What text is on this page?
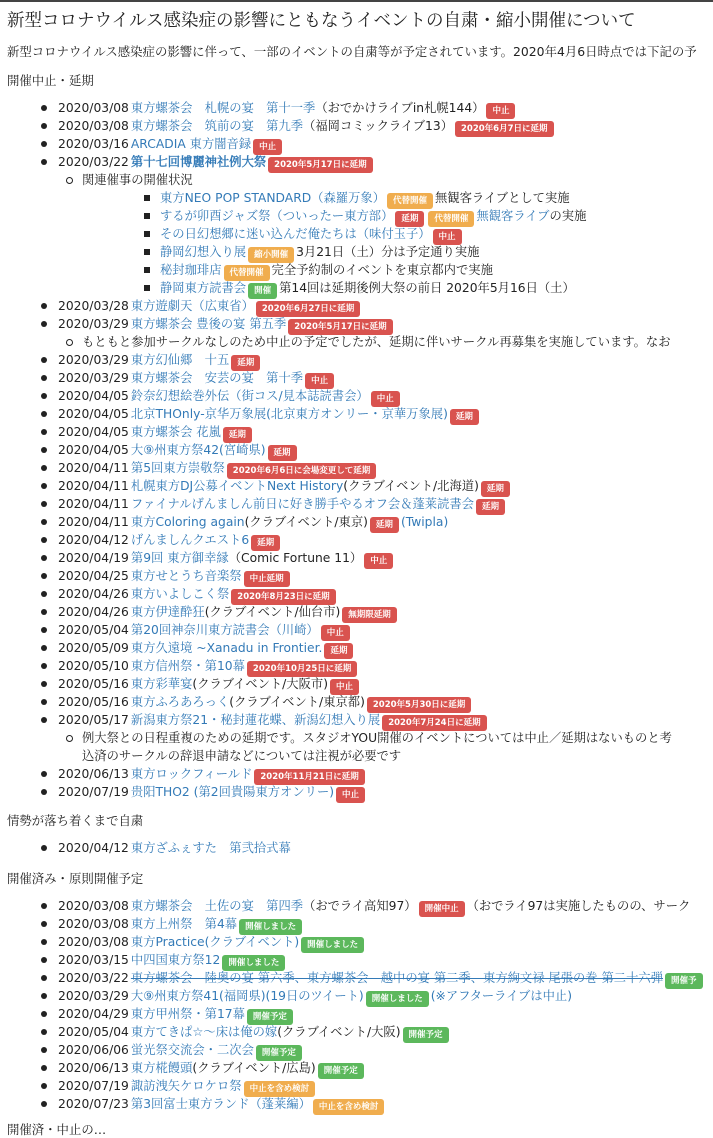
新型コロナウイルス感染症の影響にともなうイベントの自粛・縮小開催について
新型コロナウイルス感染症の影響に伴って、一部のイベントの自粛等が予定されています。2020年4月6日時点では下記の予
開催中止・延期
情勢が落ち着くまで自粛
開催済み・原則開催予定
開催済・中止の…
2020/03/08 東方螺茶会　札幌の宴　第十一季（おでかけライブin札幌144） 中止
2020/03/08 東方螺茶会　筑前の宴　第九季（福岡コミックライブ13） 2020年6月7日に延期
2020/03/16 ARCADIA 東方闇音録 中止
2020/03/22 第十七回博麗神社例大祭 2020年5月17日に延期
関連催事の開催状況
東方NEO POP STANDARD（森羅万象） 代替開催 無観客ライブとして実施
するが卯酉ジャズ祭（ついったー東方部） 延期 代替開催 無観客ライブの実施
その日幻想郷に迷い込んだ俺たちは（味付玉子） 中止
静岡幻想入り展 縮小開催 3月21日（土）分は予定通り実施
秘封珈琲店 代替開催 完全予約制のイベントを東京都内で実施
静岡東方読書会 開催 第14回は延期後例大祭の前日 2020年5月16日（土）
2020/03/28 東方遊劇天（広東省） 2020年6月27日に延期
2020/03/29 東方螺茶会 豊後の宴 第五季 2020年5月17日に延期
もともと参加サークルなしのため中止の予定でしたが、延期に伴いサークル再募集を実施しています。なお
2020/03/29 東方幻仙郷　十五 延期
2020/03/29 東方螺茶会　安芸の宴　第十季 中止
2020/04/05 鈴奈幻想絵巻外伝（街コス/見本誌読書会） 中止
2020/04/05 北京THOnly-京华万象展(北京東方オンリー・京華万象展) 延期
2020/04/05 東方螺茶会 花嵐 延期
2020/04/05 大⑨州東方祭42(宮崎県) 延期
2020/04/11 第5回東方崇敬祭 2020年6月6日に会場変更して延期
2020/04/11 札幌東方DJ公募イベントNext History(クラブイベント/北海道) 延期
2020/04/11 ファイナルげんましん前日に好き勝手やるオフ会＆蓬莱読書会 延期
2020/04/11 東方Coloring again(クラブイベント/東京) 延期 (Twipla)
2020/04/12 げんましんクエスト6 延期
2020/04/19 第9回 東方御幸縁（Comic Fortune 11） 中止
2020/04/25 東方せとうち音楽祭 中止延期
2020/04/26 東方いよしこく祭 2020年8月23日に延期
2020/04/26 東方伊達酔狂(クラブイベント/仙台市) 無期限延期
2020/05/04 第20回神奈川東方読書会（川崎） 中止
2020/05/09 東方久遠境 ~Xanadu in Frontier. 延期
2020/05/10 東方信州祭・第10幕 2020年10月25日に延期
2020/05/16 東方彩華宴(クラブイベント/大阪市) 中止
2020/05/16 東方ふろあろっく(クラブイベント/東京都) 2020年5月30日に延期
2020/05/17 新潟東方祭21・秘封蓮花蝶、新潟幻想入り展 2020年7月24日に延期
例大祭との日程重複のための延期です。スタジオYOU開催のイベントについては中止／延期はないものと考
込済のサークルの辞退申請などについては注視が必要です
2020/06/13 東方ロックフィールド 2020年11月21日に延期
2020/07/19 贵阳THO2 (第2回貴陽東方オンリー) 中止
2020/04/12 東方ざふぇすた　第弐拾式幕
2020/03/08 東方螺茶会　土佐の宴　第四季（おでライ高知97） 開催中止 （おでライ97は実施したものの、サーク
2020/03/08 東方上州祭　第4幕 開催しました
2020/03/08 東方Practice(クラブイベント) 開催しました
2020/03/15 中四国東方祭12 開催しました
2020/03/22 東方螺茶会　陸奥の宴 第六季、東方螺茶会　越中の宴 第二季、東方絢文禄 尾張の巻 第二十六弾 開催予
2020/03/29 大⑨州東方祭41(福岡県)(19日のツイート) 開催しました (※アフターライブは中止)
2020/04/29 東方甲州祭・第17幕 開催予定
2020/05/04 東方てきぱ☆〜床は俺の嫁(クラブイベント/大阪) 開催予定
2020/06/06 蛍光祭交流会・二次会 開催予定
2020/06/13 東方椛饅頭(クラブイベント/広島) 開催予定
2020/07/19 諏訪洩矢ケロケロ祭 中止を含め検討
2020/07/23 第3回富士東方ランド（蓬莱編） 中止を含め検討
